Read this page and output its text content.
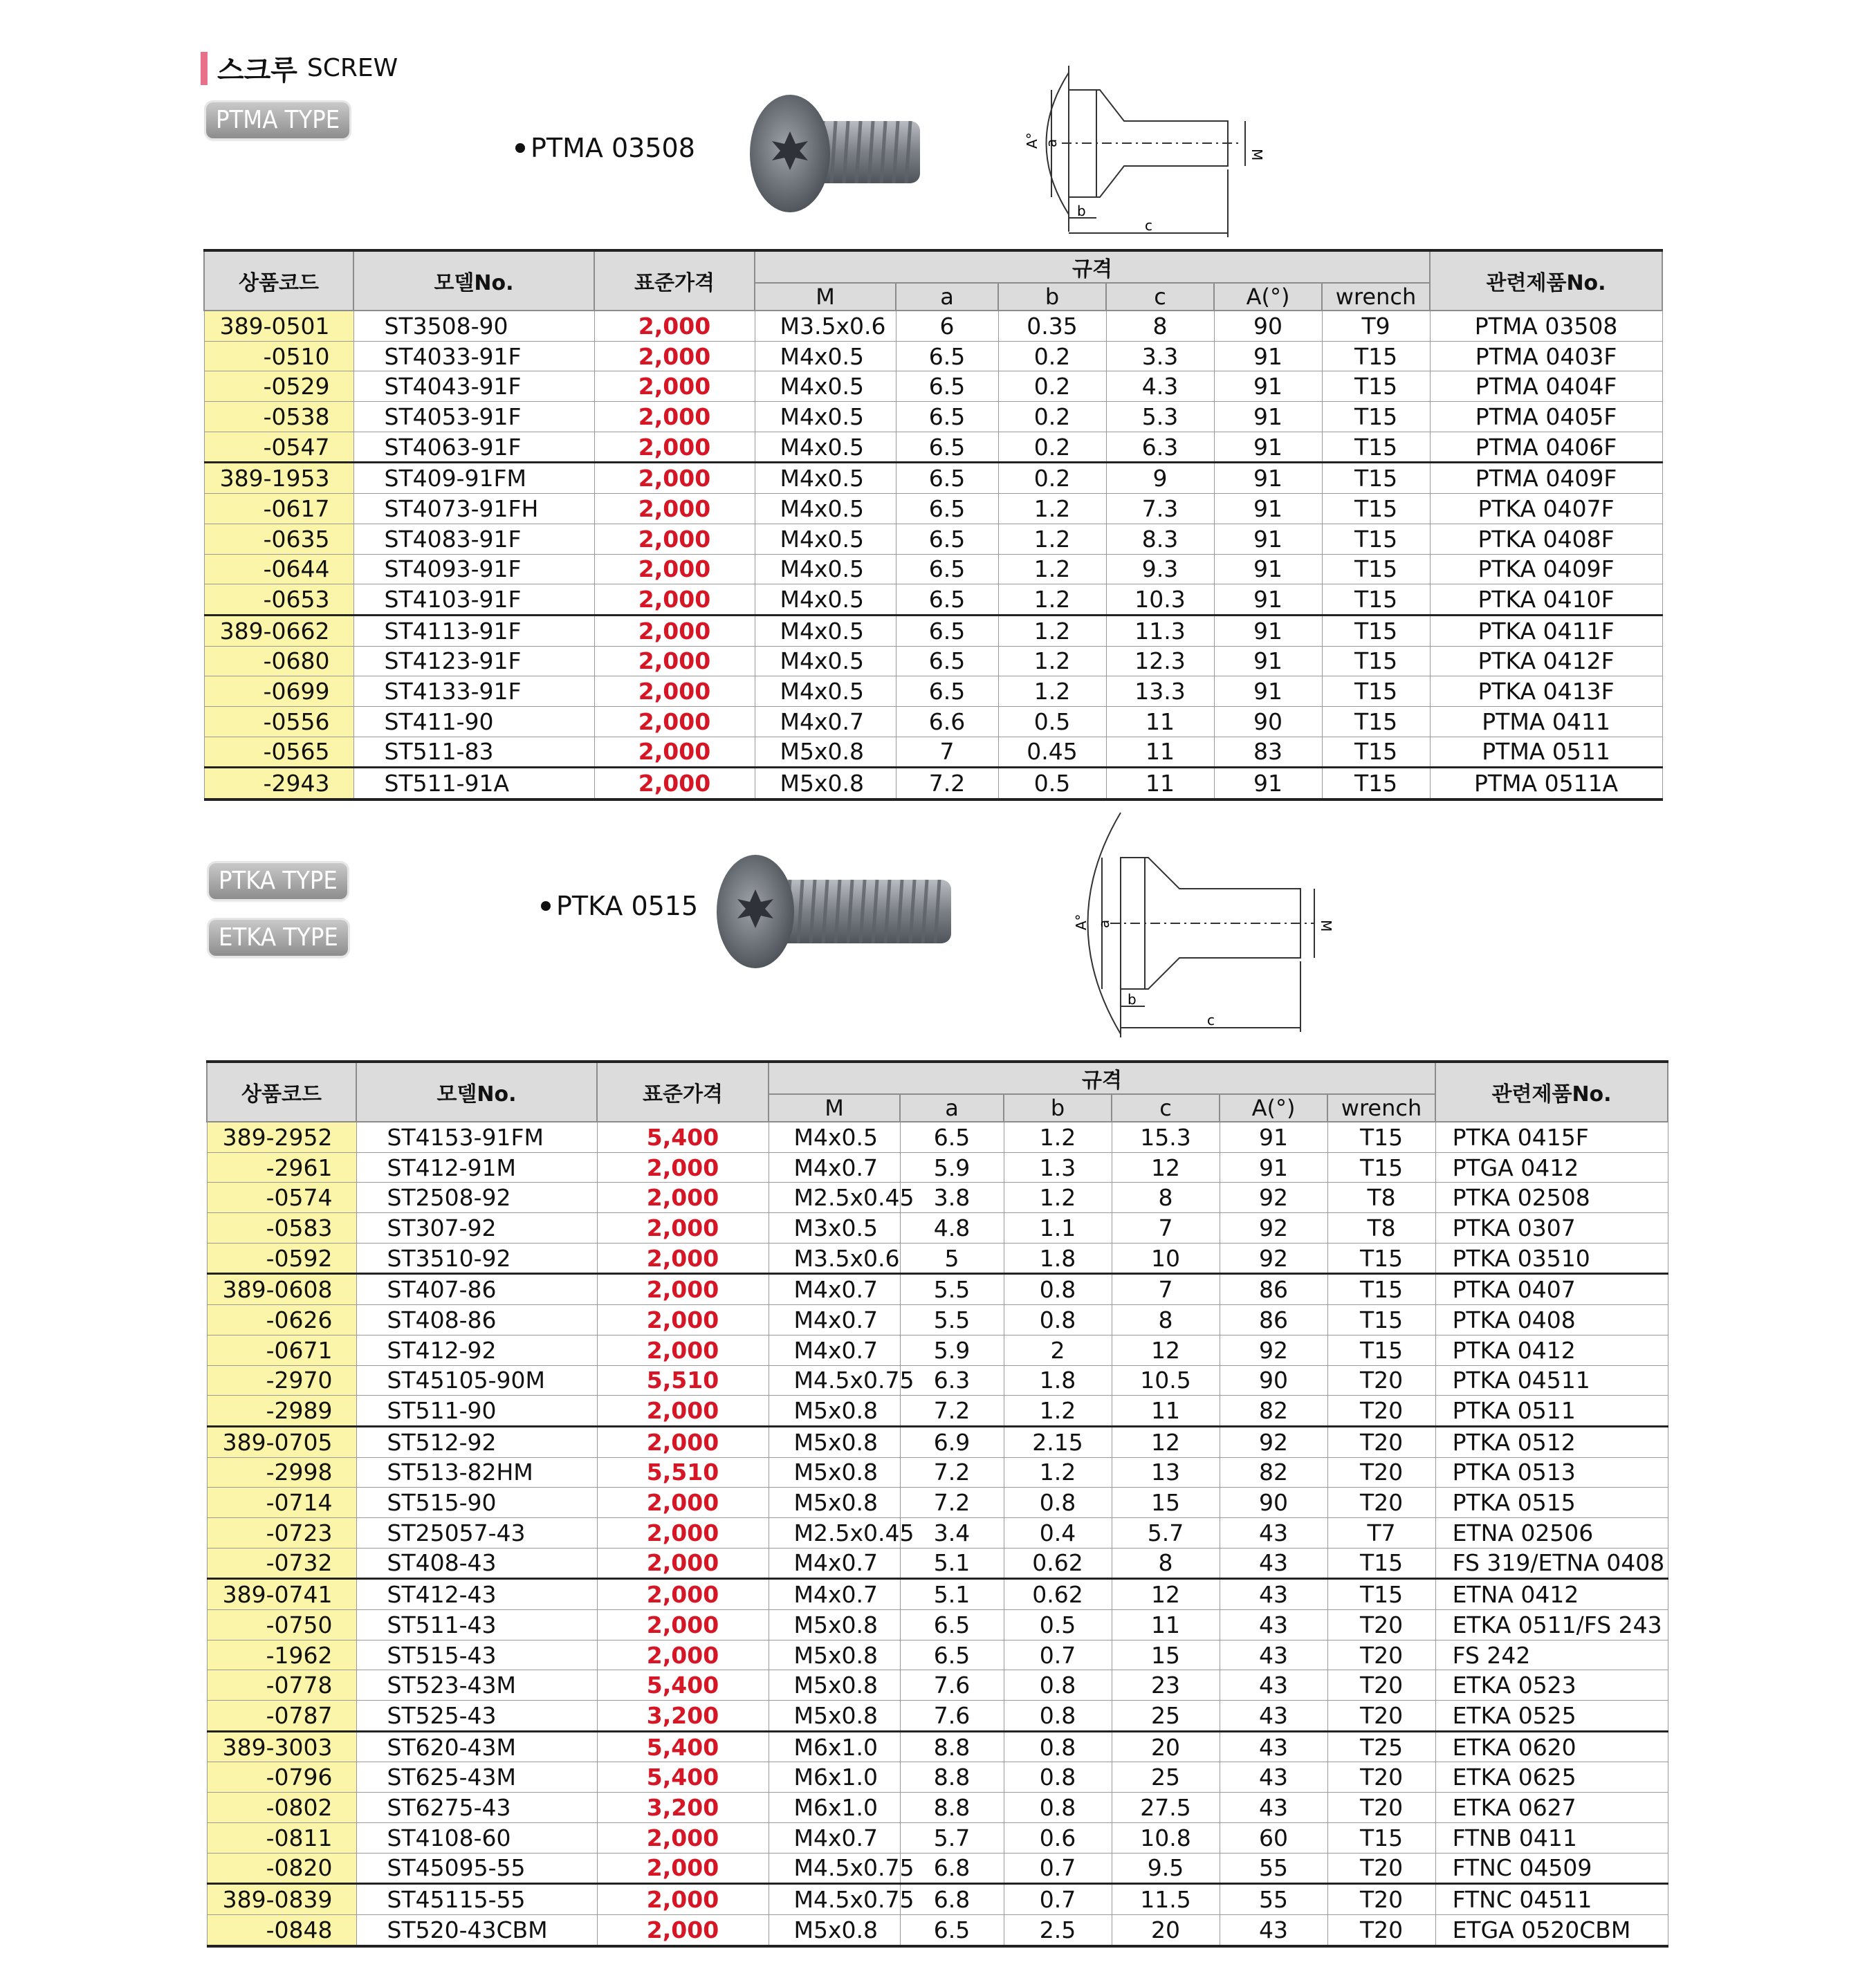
스크루 SCREW
PTMA TYPE
PTMA 03508	A° a
b
c
M
상품코드	모델No.	표준가격	규격						관련제품No.
			M	a	b	c	A(°)	wrench	
389-0501	ST3508-90	2,000	M3.5x0.6	6	0.35	8	90	T9	PTMA 03508
-0510	ST4033-91F	2,000	M4x0.5	6.5	0.2	3.3	91	T15	PTMA 0403F
-0529	ST4043-91F	2,000	M4x0.5	6.5	0.2	4.3	91	T15	PTMA 0404F
-0538	ST4053-91F	2,000	M4x0.5	6.5	0.2	5.3	91	T15	PTMA 0405F
-0547	ST4063-91F	2,000	M4x0.5	6.5	0.2	6.3	91	T15	PTMA 0406F
389-1953	ST409-91FM	2,000	M4x0.5	6.5	0.2	9	91	T15	PTMA 0409F
-0617	ST4073-91FH	2,000	M4x0.5	6.5	1.2	7.3	91	T15	PTKA 0407F
-0635	ST4083-91F	2,000	M4x0.5	6.5	1.2	8.3	91	T15	PTKA 0408F
-0644	ST4093-91F	2,000	M4x0.5	6.5	1.2	9.3	91	T15	PTKA 0409F
-0653	ST4103-91F	2,000	M4x0.5	6.5	1.2	10.3	91	T15	PTKA 0410F
389-0662	ST4113-91F	2,000	M4x0.5	6.5	1.2	11.3	91	T15	PTKA 0411F
-0680	ST4123-91F	2,000	M4x0.5	6.5	1.2	12.3	91	T15	PTKA 0412F
-0699	ST4133-91F	2,000	M4x0.5	6.5	1.2	13.3	91	T15	PTKA 0413F
-0556	ST411-90	2,000	M4x0.7	6.6	0.5	11	90	T15	PTMA 0411
-0565	ST511-83	2,000	M5x0.8	7	0.45	11	83	T15	PTMA 0511
-2943	ST511-91A	2,000	M5x0.8	7.2	0.5	11	91	T15	PTMA 0511A
PTKA TYPE
ETKA TYPE
PTKA 0515
A° a
b
c
M
상품코드	모델No.	표준가격	규격						관련제품No.
			M	a	b	c	A(°)	wrench	
389-2952	ST4153-91FM	5,400	M4x0.5	6.5	1.2	15.3	91	T15	PTKA 0415F
-2961	ST412-91M	2,000	M4x0.7	5.9	1.3	12	91	T15	PTGA 0412
-0574	ST2508-92	2,000	M2.5x0.45	3.8	1.2	8	92	T8	PTKA 02508
-0583	ST307-92	2,000	M3x0.5	4.8	1.1	7	92	T8	PTKA 0307
-0592	ST3510-92	2,000	M3.5x0.6	5	1.8	10	92	T15	PTKA 03510
389-0608	ST407-86	2,000	M4x0.7	5.5	0.8	7	86	T15	PTKA 0407
-0626	ST408-86	2,000	M4x0.7	5.5	0.8	8	86	T15	PTKA 0408
-0671	ST412-92	2,000	M4x0.7	5.9	2	12	92	T15	PTKA 0412
-2970	ST45105-90M	5,510	M4.5x0.75	6.3	1.8	10.5	90	T20	PTKA 04511
-2989	ST511-90	2,000	M5x0.8	7.2	1.2	11	82	T20	PTKA 0511
389-0705	ST512-92	2,000	M5x0.8	6.9	2.15	12	92	T20	PTKA 0512
-2998	ST513-82HM	5,510	M5x0.8	7.2	1.2	13	82	T20	PTKA 0513
-0714	ST515-90	2,000	M5x0.8	7.2	0.8	15	90	T20	PTKA 0515
-0723	ST25057-43	2,000	M2.5x0.45	3.4	0.4	5.7	43	T7	ETNA 02506
-0732	ST408-43	2,000	M4x0.7	5.1	0.62	8	43	T15	FS 319/ETNA 0408
389-0741	ST412-43	2,000	M4x0.7	5.1	0.62	12	43	T15	ETNA 0412
-0750	ST511-43	2,000	M5x0.8	6.5	0.5	11	43	T20	ETKA 0511/FS 243
-1962	ST515-43	2,000	M5x0.8	6.5	0.7	15	43	T20	FS 242
-0778	ST523-43M	5,400	M5x0.8	7.6	0.8	23	43	T20	ETKA 0523
-0787	ST525-43	3,200	M5x0.8	7.6	0.8	25	43	T20	ETKA 0525
389-3003	ST620-43M	5,400	M6x1.0	8.8	0.8	20	43	T25	ETKA 0620
-0796	ST625-43M	5,400	M6x1.0	8.8	0.8	25	43	T20	ETKA 0625
-0802	ST6275-43	3,200	M6x1.0	8.8	0.8	27.5	43	T20	ETKA 0627
-0811	ST4108-60	2,000	M4x0.7	5.7	0.6	10.8	60	T15	FTNB 0411
-0820	ST45095-55	2,000	M4.5x0.75	6.8	0.7	9.5	55	T20	FTNC 04509
389-0839	ST45115-55	2,000	M4.5x0.75	6.8	0.7	11.5	55	T20	FTNC 04511
-0848	ST520-43CBM	2,000	M5x0.8	6.5	2.5	20	43	T20	ETGA 0520CBM
